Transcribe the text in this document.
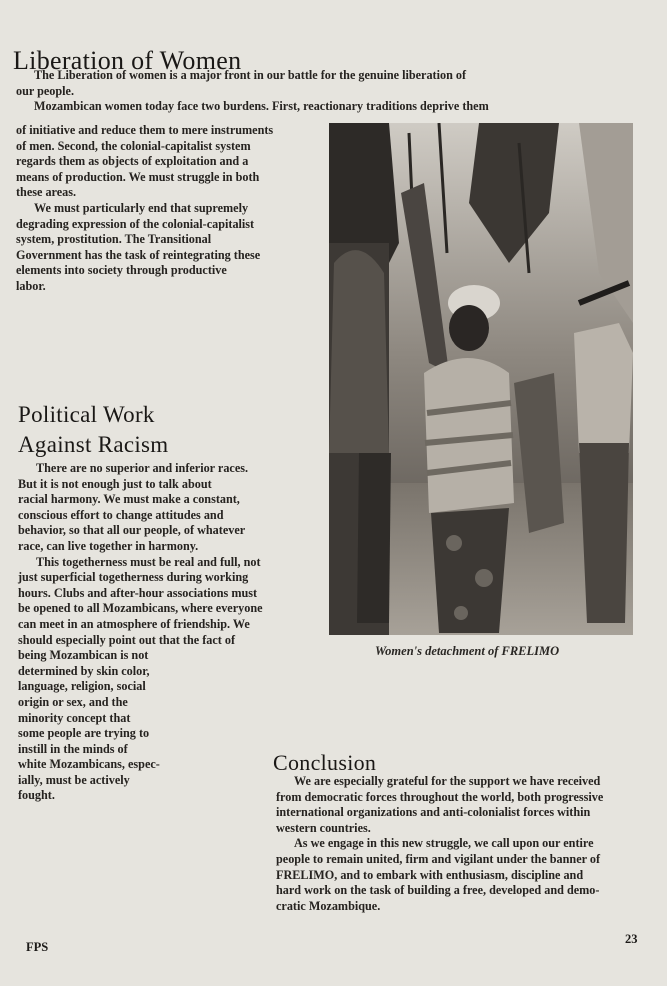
Liberation of Women

The Liberation of women is a major front in our battle for the genuine liberation of

our people.

Mozambican women today face two burdens. First, reactionary traditions deprive them

of initiative and reduce them to mere instruments

of men. Second, the colonial-capitalist system

regards them as objects of exploitation and a

means of production. We must struggle in both

these areas.

We must particularly end that supremely

degrading expression of the colonial-capitalist

system, prostitution. The Transitional

Government has the task of reintegrating these

elements into society through productive

labor.

Political Work
Against Racism

There are no superior and inferior races.

But it is not enough just to talk about

racial harmony. We must make a constant,

conscious effort to change attitudes and

behavior, so that all our people, of whatever

race, can live together in harmony.

This togetherness must be real and full, not

just superficial togetherness during working

hours. Clubs and after-hour associations must

be opened to all Mozambicans, where everyone

can meet in an atmosphere of friendship. We

should especially point out that the fact of

being Mozambican is not

determined by skin color,

language, religion, social

origin or sex, and the

minority concept that

some people are trying to

instill in the minds of

white Mozambicans, espec-

ially, must be actively

fought.

Women's detachment of FRELIMO
Conclusion

We are especially grateful for the support we have received

from democratic forces throughout the world, both progressive

international organizations and anti-colonialist forces within

western countries.

As we engage in this new struggle, we call upon our entire

people to remain united, firm and vigilant under the banner of

FRELIMO, and to embark with enthusiasm, discipline and

hard work on the task of building a free, developed and demo-

cratic Mozambique.

FPS
23
